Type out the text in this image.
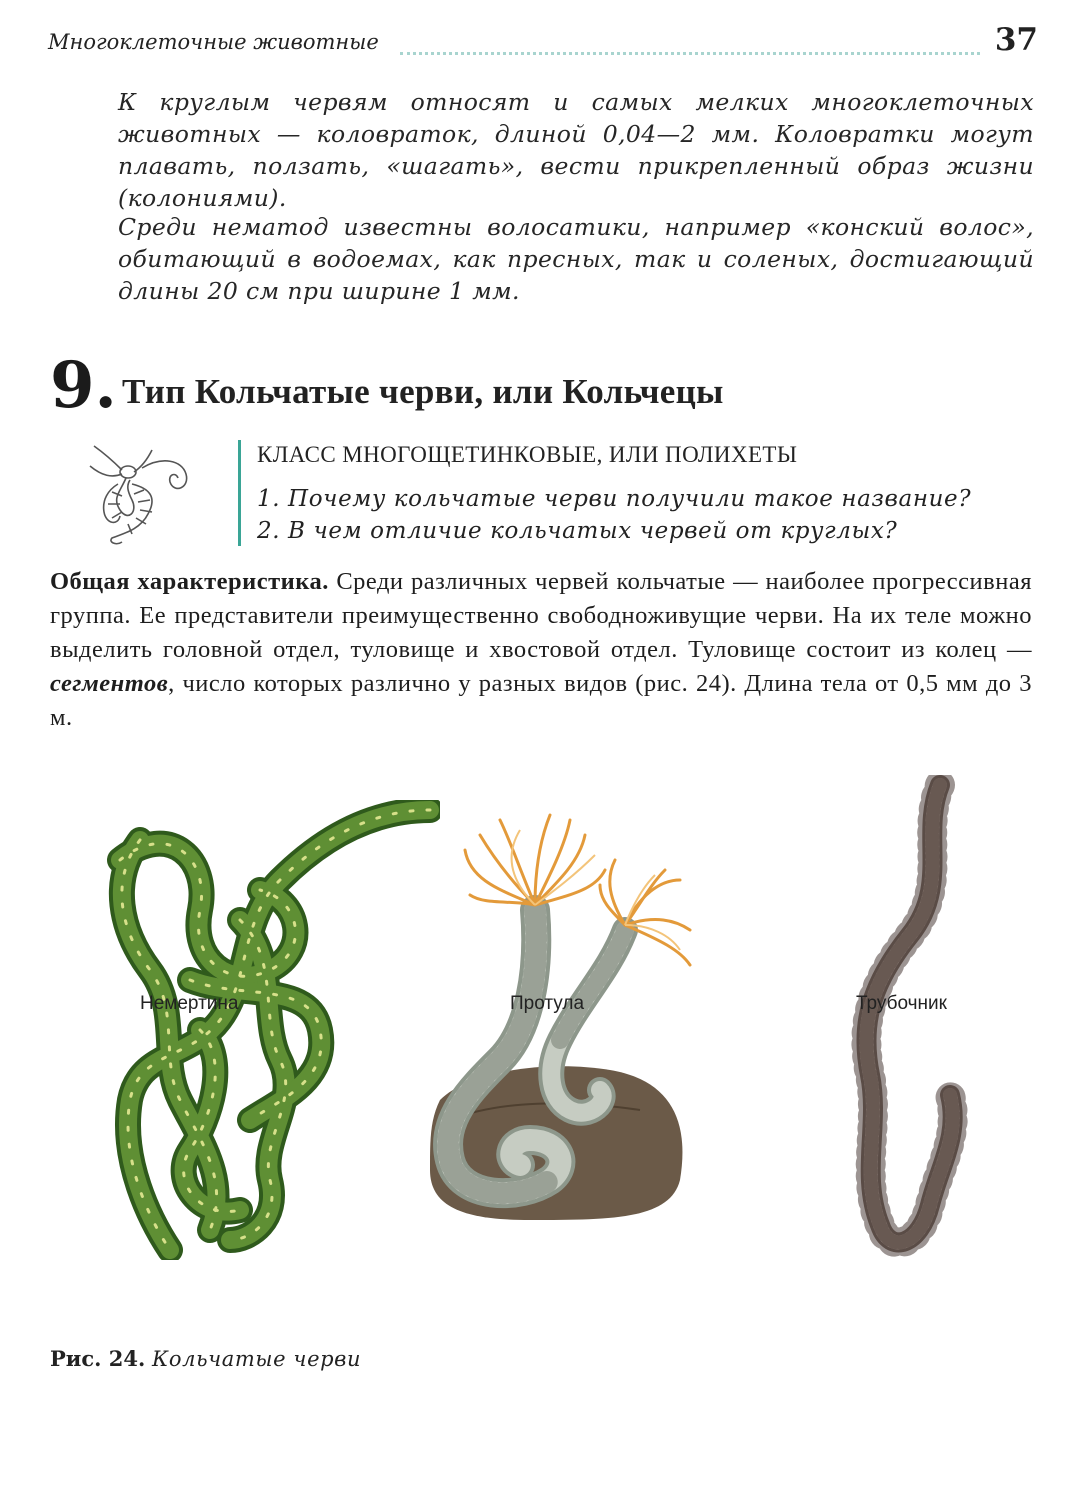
Многоклеточные животные	37

К круглым червям относят и самых мелких многоклеточных животных — коловраток, длиной 0,04—2 мм. Коловратки могут плавать, ползать, «шагать», вести прикрепленный образ жизни (колониями).

Среди нематод известны волосатики, например «конский волос», обитающий в водоемах, как пресных, так и соленых, достигающий длины 20 см при ширине 1 мм.

9. Тип Кольчатые черви, или Кольчецы
КЛАСС МНОГОЩЕТИНКОВЫЕ, ИЛИ ПОЛИХЕТЫ
1. Почему кольчатые черви получили такое название?
2. В чем отличие кольчатых червей от круглых?

Общая характеристика. Среди различных червей кольчатые — наиболее прогрессивная группа. Ее представители преимущественно свободноживущие черви. На их теле можно выделить головной отдел, туловище и хвостовой отдел. Туловище состоит из колец — сегментов, число которых различно у разных видов (рис. 24). Длина тела от 0,5 мм до 3 м.

Немертина	Протула	Трубочник
Рис. 24. Кольчатые черви
